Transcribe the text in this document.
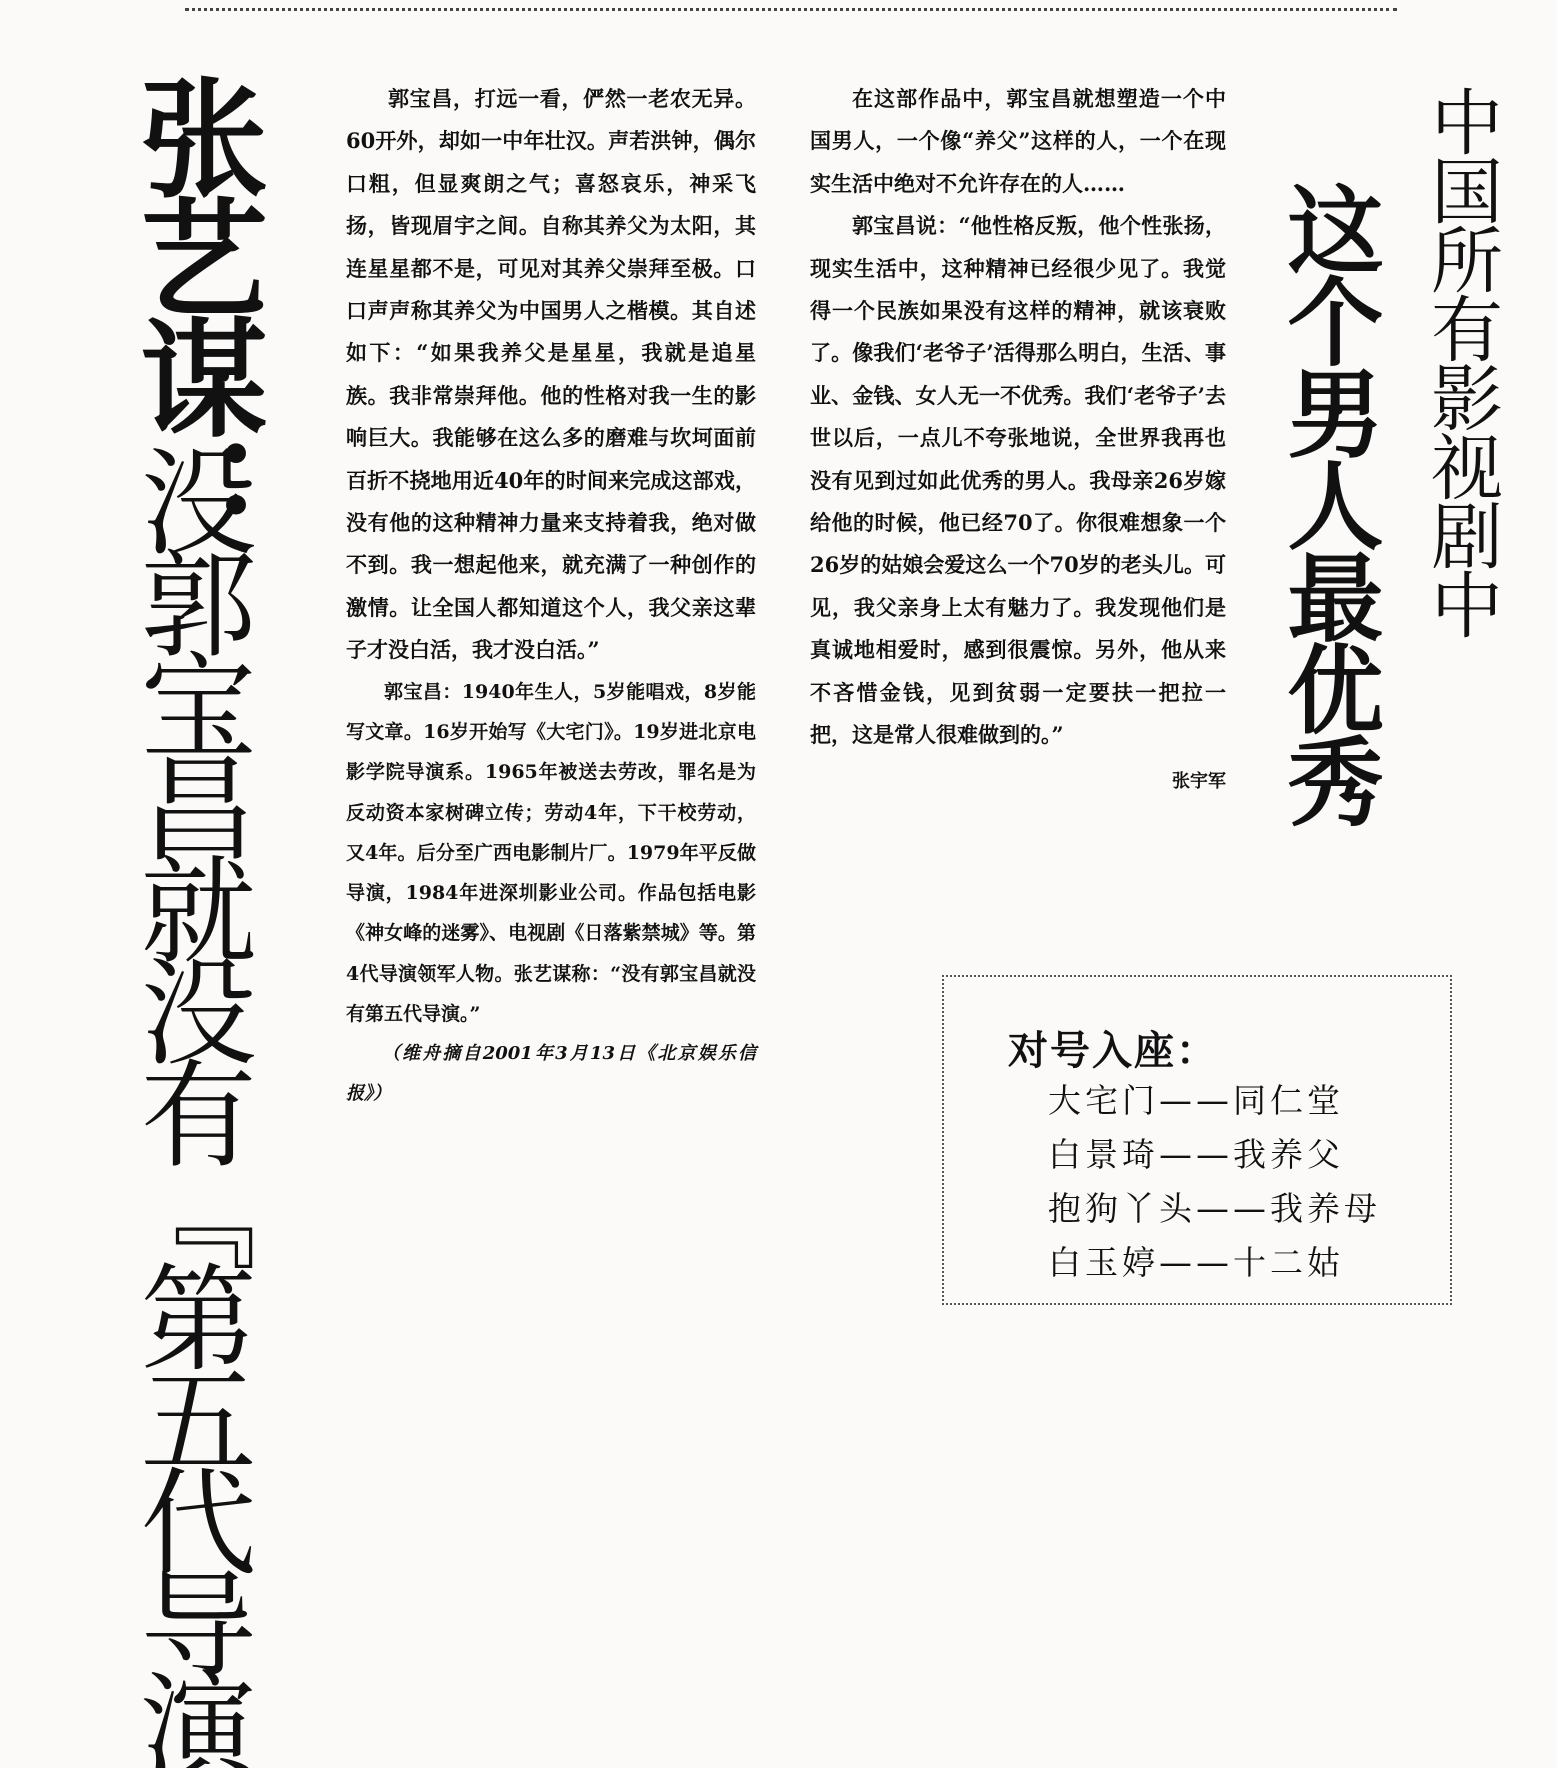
张艺谋：
没郭宝昌就没有『第五代导演

郭宝昌，打远一看，俨然一老农无异。60开外，却如一中年壮汉。声若洪钟，偶尔口粗，但显爽朗之气；喜怒哀乐，神采飞扬，皆现眉宇之间。自称其养父为太阳，其连星星都不是，可见对其养父崇拜至极。口口声声称其养父为中国男人之楷模。其自述如下：“如果我养父是星星，我就是追星族。我非常崇拜他。他的性格对我一生的影响巨大。我能够在这么多的磨难与坎坷面前百折不挠地用近40年的时间来完成这部戏，没有他的这种精神力量来支持着我，绝对做不到。我一想起他来，就充满了一种创作的激情。让全国人都知道这个人，我父亲这辈子才没白活，我才没白活。”

郭宝昌：1940年生人，5岁能唱戏，8岁能写文章。16岁开始写《大宅门》。19岁进北京电影学院导演系。1965年被送去劳改，罪名是为反动资本家树碑立传；劳动4年，下干校劳动，又4年。后分至广西电影制片厂。1979年平反做导演，1984年进深圳影业公司。作品包括电影《神女峰的迷雾》、电视剧《日落紫禁城》等。第4代导演领军人物。张艺谋称：“没有郭宝昌就没有第五代导演。”

（维舟摘自2001年3月13日《北京娱乐信报》）

在这部作品中，郭宝昌就想塑造一个中国男人，一个像“养父”这样的人，一个在现实生活中绝对不允许存在的人……

郭宝昌说：“他性格反叛，他个性张扬，现实生活中，这种精神已经很少见了。我觉得一个民族如果没有这样的精神，就该衰败了。像我们‘老爷子’活得那么明白，生活、事业、金钱、女人无一不优秀。我们‘老爷子’去世以后，一点儿不夸张地说，全世界我再也没有见到过如此优秀的男人。我母亲26岁嫁给他的时候，他已经70了。你很难想象一个26岁的姑娘会爱这么一个70岁的老头儿。可见，我父亲身上太有魅力了。我发现他们是真诚地相爱时，感到很震惊。另外，他从来不吝惜金钱，见到贫弱一定要扶一把拉一把，这是常人很难做到的。”

张宇军 这个男人最优秀 中国所有影视剧中
对号入座：
大宅门——同仁堂
白景琦——我养父
抱狗丫头——我养母
白玉婷——十二姑
